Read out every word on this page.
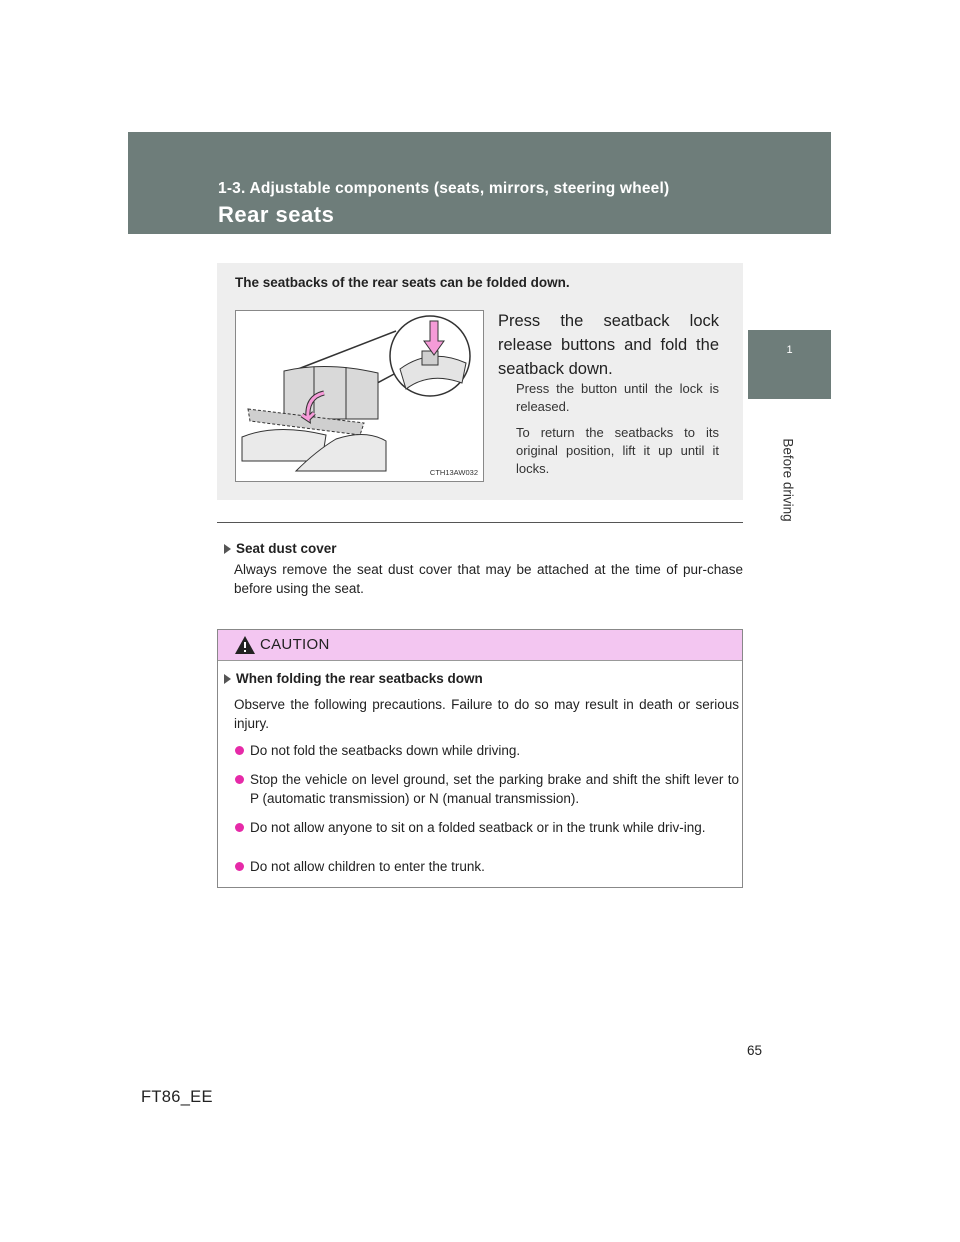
1-3. Adjustable components (seats, mirrors, steering wheel)
Rear seats
1
Before driving
The seatbacks of the rear seats can be folded down.
CTH13AW032
Press the seatback lock release buttons and fold the seatback down.
Press the button until the lock is released.
To return the seatbacks to its original position, lift it up until it locks.
Seat dust cover
Always remove the seat dust cover that may be attached at the time of pur-chase before using the seat.
CAUTION
When folding the rear seatbacks down
Observe the following precautions. Failure to do so may result in death or serious injury.
Do not fold the seatbacks down while driving.
Stop the vehicle on level ground, set the parking brake and shift the shift lever to P (automatic transmission) or N (manual transmission).
Do not allow anyone to sit on a folded seatback or in the trunk while driv-ing.
Do not allow children to enter the trunk.
65
FT86_EE
